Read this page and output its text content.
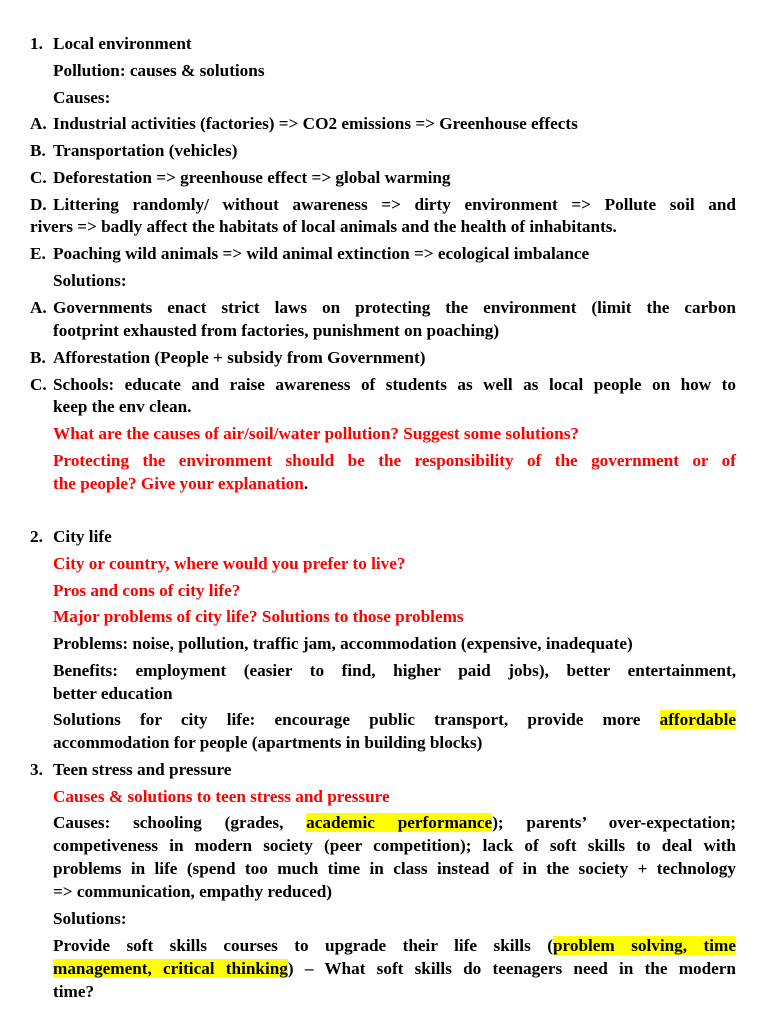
1. Local environment
Pollution: causes & solutions
Causes:
A. Industrial activities (factories) => CO2 emissions => Greenhouse effects
B. Transportation (vehicles)
C. Deforestation => greenhouse effect => global warming
D. Littering randomly/ without awareness => dirty environment => Pollute soil and
rivers => badly affect the habitats of local animals and the health of inhabitants.
E. Poaching wild animals => wild animal extinction => ecological imbalance
Solutions:
A. Governments enact strict laws on protecting the environment (limit the carbon
footprint exhausted from factories, punishment on poaching)
B. Afforestation (People + subsidy from Government)
C. Schools: educate and raise awareness of students as well as local people on how to
keep the env clean.
What are the causes of air/soil/water pollution? Suggest some solutions?
Protecting the environment should be the responsibility of the government or of
the people? Give your explanation.
2. City life
City or country, where would you prefer to live?
Pros and cons of city life?
Major problems of city life? Solutions to those problems
Problems: noise, pollution, traffic jam, accommodation (expensive, inadequate)
Benefits: employment (easier to find, higher paid jobs), better entertainment,
better education
Solutions for city life: encourage public transport, provide more affordable
accommodation for people (apartments in building blocks)
3. Teen stress and pressure
Causes & solutions to teen stress and pressure
Causes: schooling (grades, academic performance); parents’ over-expectation;
competiveness in modern society (peer competition); lack of soft skills to deal with
problems in life (spend too much time in class instead of in the society + technology
=> communication, empathy reduced)
Solutions:
Provide soft skills courses to upgrade their life skills (problem solving, time
management, critical thinking) – What soft skills do teenagers need in the modern
time?
